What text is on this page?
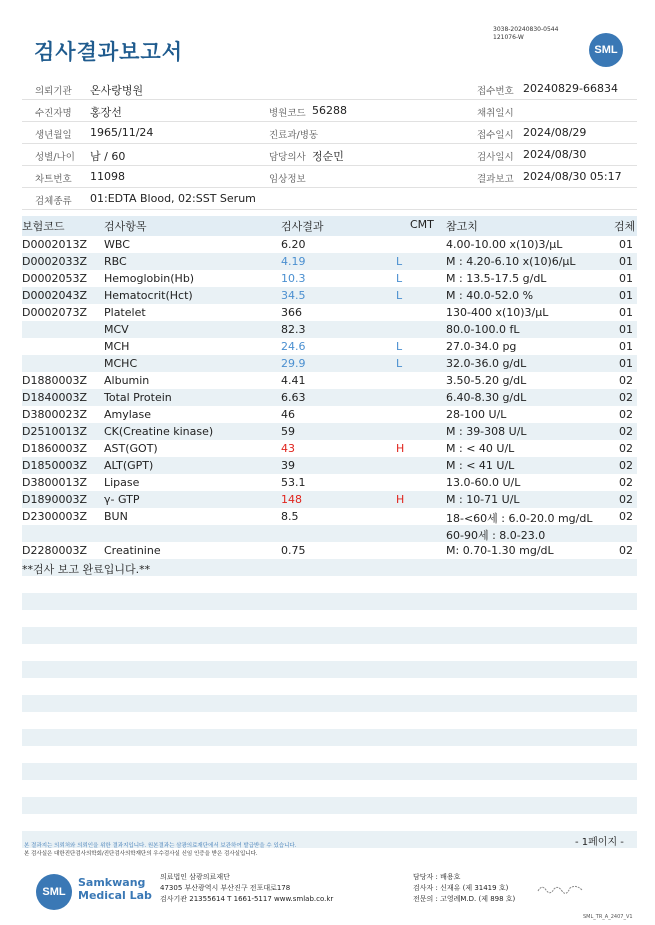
검사결과보고서
3038-20240830-0544
121076-W
SML
의뢰기관 온사랑병원	접수번호 20240829-66834
수진자명 홍장선	병원코드 56288	채취일시
생년월일 1965/11/24	진료과/병동	접수일시 2024/08/29
성별/나이 남 / 60	담당의사 정순민	검사일시 2024/08/30
차트번호 11098	임상정보	결과보고 2024/08/30 05:17
검체종류 01:EDTA Blood, 02:SST Serum
보험코드	검사항목	검사결과	CMT 참고치	검체
D0002013Z WBC	6.20	4.00-10.00 x(10)3/μL	01
D0002033Z RBC	4.19	L	M : 4.20-6.10 x(10)6/μL	01
D0002053Z Hemoglobin(Hb)	10.3	L	M : 13.5-17.5 g/dL	01
D0002043Z Hematocrit(Hct)	34.5	L	M : 40.0-52.0 %	01
D0002073Z Platelet	366	130-400 x(10)3/μL	01
MCV	82.3	80.0-100.0 fL	01
MCH	24.6	L	27.0-34.0 pg	01
MCHC	29.9	L	32.0-36.0 g/dL	01
D1880003Z Albumin	4.41	3.50-5.20 g/dL	02
D1840003Z Total Protein	6.63	6.40-8.30 g/dL	02
D3800023Z Amylase	46	28-100 U/L	02
D2510013Z CK(Creatine kinase)	59	M : 39-308 U/L	02
D1860003Z AST(GOT)	43	H	M : < 40 U/L	02
D1850003Z ALT(GPT)	39	M : < 41 U/L	02
D3800013Z Lipase	53.1	13.0-60.0 U/L	02
D1890003Z γ- GTP	148	H	M : 10-71 U/L	02
D2300003Z BUN	8.5	18-<60세 : 6.0-20.0 mg/dL 02
60-90세 : 8.0-23.0
D2280003Z Creatinine	0.75	M: 0.70-1.30 mg/dL	02
**검사 보고 완료입니다.**
- 1페이지 -
본 결과지는 의뢰처와 의뢰인을 위한 결과지입니다. 원본결과는 삼광의료재단에서 보관하여 발급받을 수 있습니다.
본 검사실은 대한진단검사의학회/진단검사의학재단의 우수검사실 신임 인증을 받은 검사실입니다.
SML
Samkwang
Medical Lab
의료법인 삼광의료재단
47305 부산광역시 부산진구 전포대로178
검사기관 21355614 T 1661-5117 www.smlab.co.kr
담당자 : 배용호
검사자 : 신재유 (제 31419 호)
전문의 : 고영례M.D. (제 898 호)
SML_TR_A_2407_V1
